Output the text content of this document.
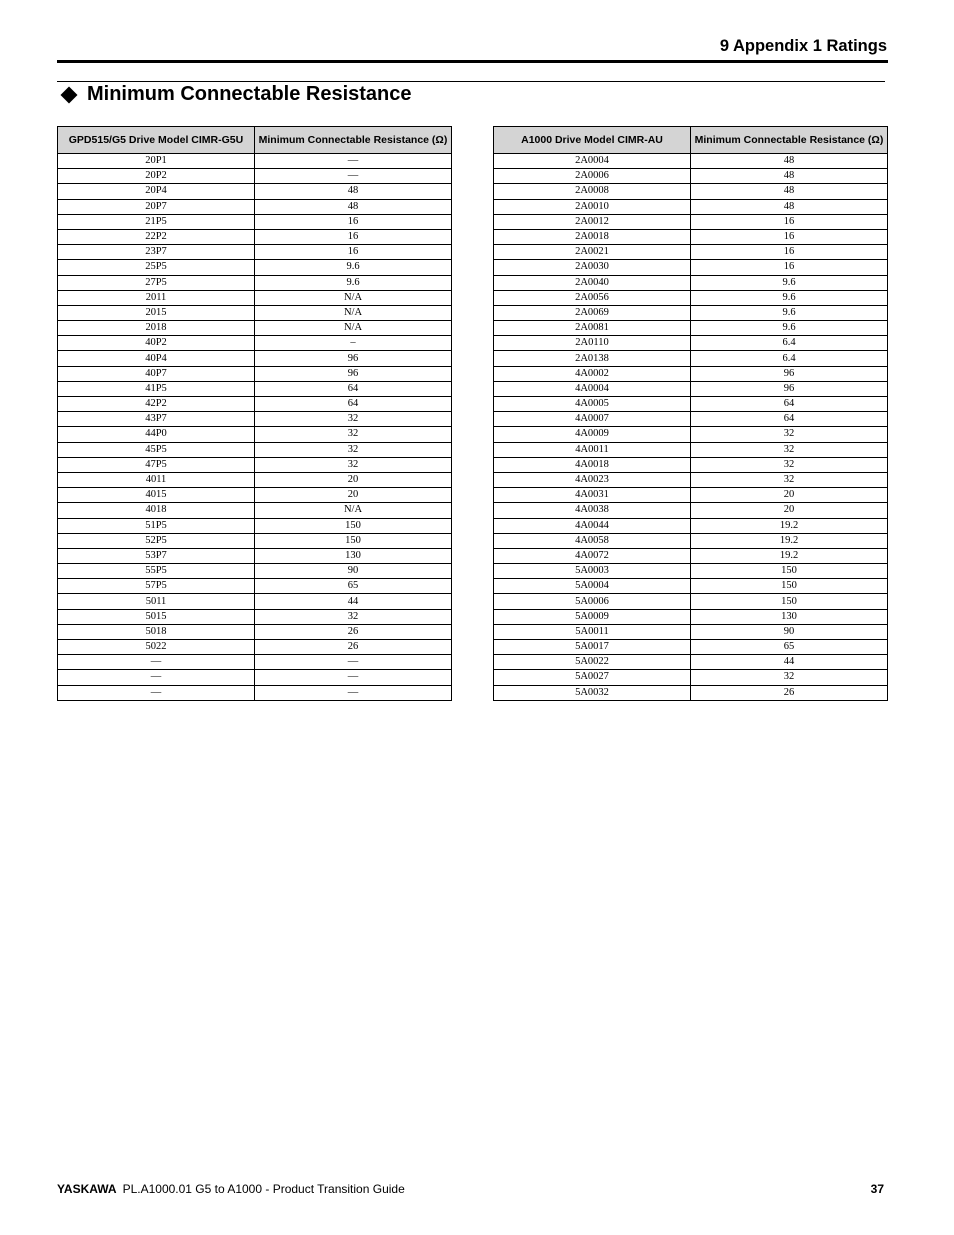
9 Appendix 1 Ratings
Minimum Connectable Resistance
GPD515/G5 Drive Model CIMR-G5U	Minimum Connectable Resistance (Ω)
20P1	—
20P2	—
20P4	48
20P7	48
21P5	16
22P2	16
23P7	16
25P5	9.6
27P5	9.6
2011	N/A
2015	N/A
2018	N/A
40P2	–
40P4	96
40P7	96
41P5	64
42P2	64
43P7	32
44P0	32
45P5	32
47P5	32
4011	20
4015	20
4018	N/A
51P5	150
52P5	150
53P7	130
55P5	90
57P5	65
5011	44
5015	32
5018	26
5022	26
—	—
—	—
—	—
A1000 Drive Model CIMR-AU	Minimum Connectable Resistance (Ω)
2A0004	48
2A0006	48
2A0008	48
2A0010	48
2A0012	16
2A0018	16
2A0021	16
2A0030	16
2A0040	9.6
2A0056	9.6
2A0069	9.6
2A0081	9.6
2A0110	6.4
2A0138	6.4
4A0002	96
4A0004	96
4A0005	64
4A0007	64
4A0009	32
4A0011	32
4A0018	32
4A0023	32
4A0031	20
4A0038	20
4A0044	19.2
4A0058	19.2
4A0072	19.2
5A0003	150
5A0004	150
5A0006	150
5A0009	130
5A0011	90
5A0017	65
5A0022	44
5A0027	32
5A0032	26
YASKAWA PL.A1000.01 G5 to A1000 - Product Transition Guide	37
